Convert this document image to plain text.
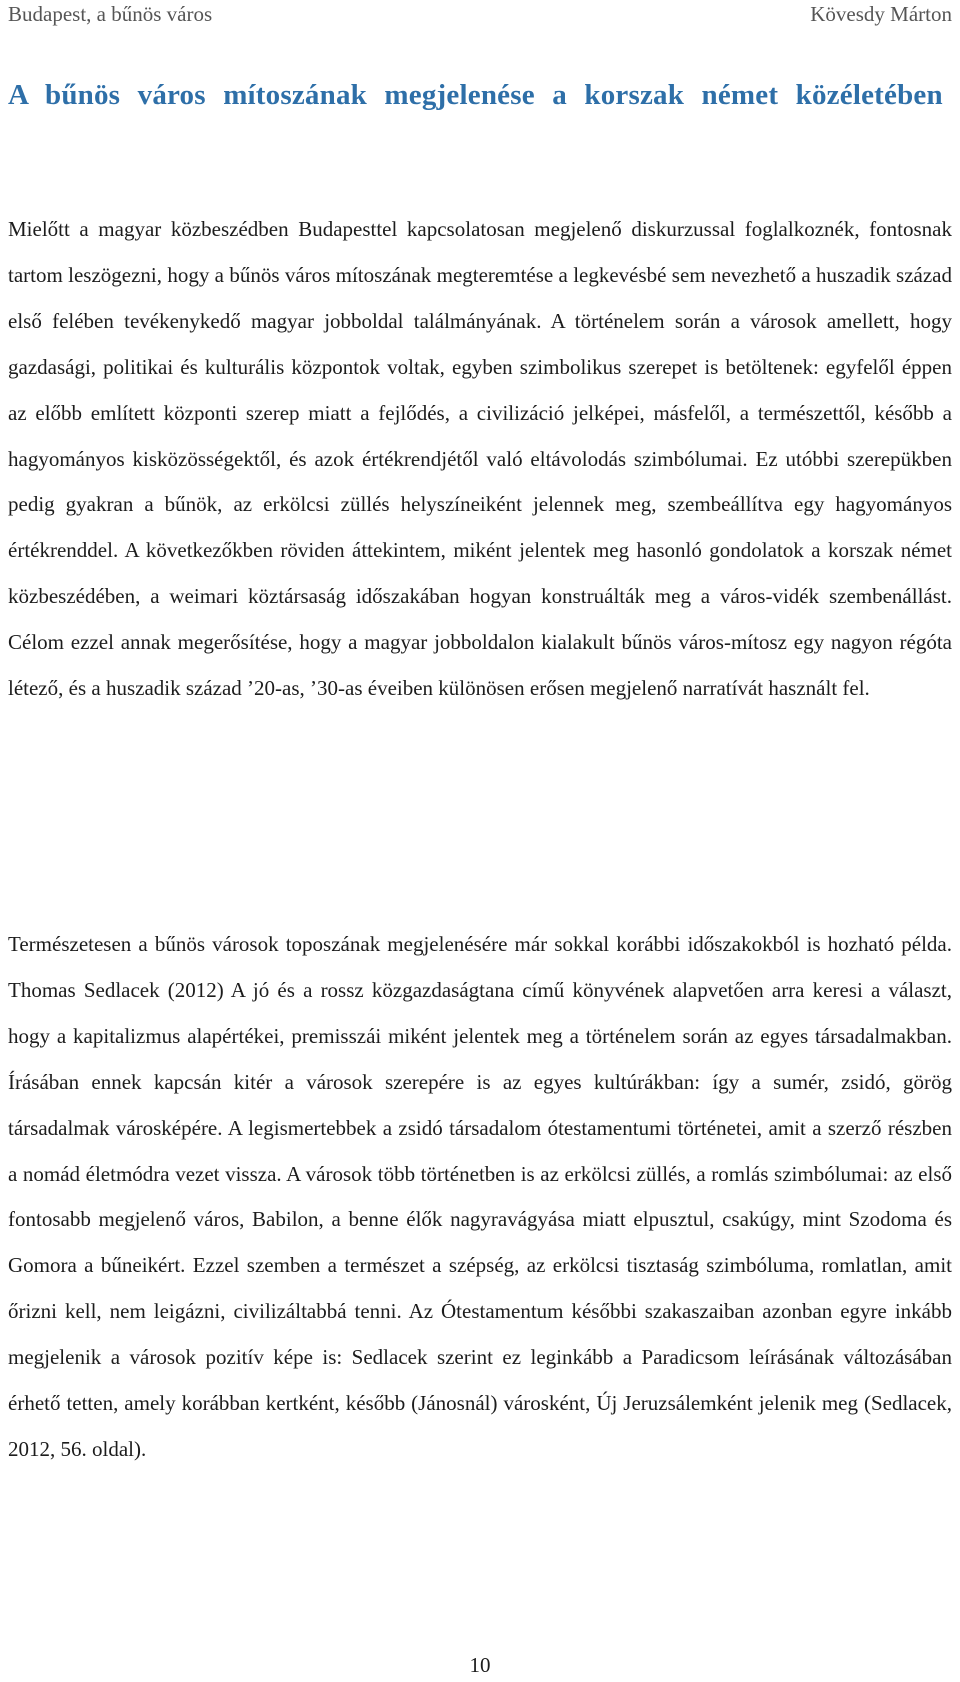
Budapest, a bűnös város	Kövesdy Márton
A bűnös város mítoszának megjelenése a korszak német közéletében

Mielőtt a magyar közbeszédben Budapesttel kapcsolatosan megjelenő diskurzussal foglalkoznék, fontosnak tartom leszögezni, hogy a bűnös város mítoszának megteremtése a legkevésbé sem nevezhető a huszadik század első felében tevékenykedő magyar jobboldal találmányának. A történelem során a városok amellett, hogy gazdasági, politikai és kulturális központok voltak, egyben szimbolikus szerepet is betöltenek: egyfelől éppen az előbb említett központi szerep miatt a fejlődés, a civilizáció jelképei, másfelől, a természettől, később a hagyományos kisközösségektől, és azok értékrendjétől való eltávolodás szimbólumai. Ez utóbbi szerepükben pedig gyakran a bűnök, az erkölcsi züllés helyszíneiként jelennek meg, szembeállítva egy hagyományos értékrenddel. A következőkben röviden áttekintem, miként jelentek meg hasonló gondolatok a korszak német közbeszédében, a weimari köztársaság időszakában hogyan konstruálták meg a város-vidék szembenállást. Célom ezzel annak megerősítése, hogy a magyar jobboldalon kialakult bűnös város-mítosz egy nagyon régóta létező, és a huszadik század ’20-as, ’30-as éveiben különösen erősen megjelenő narratívát használt fel.

Természetesen a bűnös városok toposzának megjelenésére már sokkal korábbi időszakokból is hozható példa. Thomas Sedlacek (2012) A jó és a rossz közgazdaságtana című könyvének alapvetően arra keresi a választ, hogy a kapitalizmus alapértékei, premisszái miként jelentek meg a történelem során az egyes társadalmakban. Írásában ennek kapcsán kitér a városok szerepére is az egyes kultúrákban: így a sumér, zsidó, görög társadalmak városképére. A legismertebbek a zsidó társadalom ótestamentumi történetei, amit a szerző részben a nomád életmódra vezet vissza. A városok több történetben is az erkölcsi züllés, a romlás szimbólumai: az első fontosabb megjelenő város, Babilon, a benne élők nagyravágyása miatt elpusztul, csakúgy, mint Szodoma és Gomora a bűneikért. Ezzel szemben a természet a szépség, az erkölcsi tisztaság szimbóluma, romlatlan, amit őrizni kell, nem leigázni, civilizáltabbá tenni. Az Ótestamentum későbbi szakaszaiban azonban egyre inkább megjelenik a városok pozitív képe is: Sedlacek szerint ez leginkább a Paradicsom leírásának változásában érhető tetten, amely korábban kertként, később (Jánosnál) városként, Új Jeruzsálemként jelenik meg (Sedlacek, 2012, 56. oldal).

10
